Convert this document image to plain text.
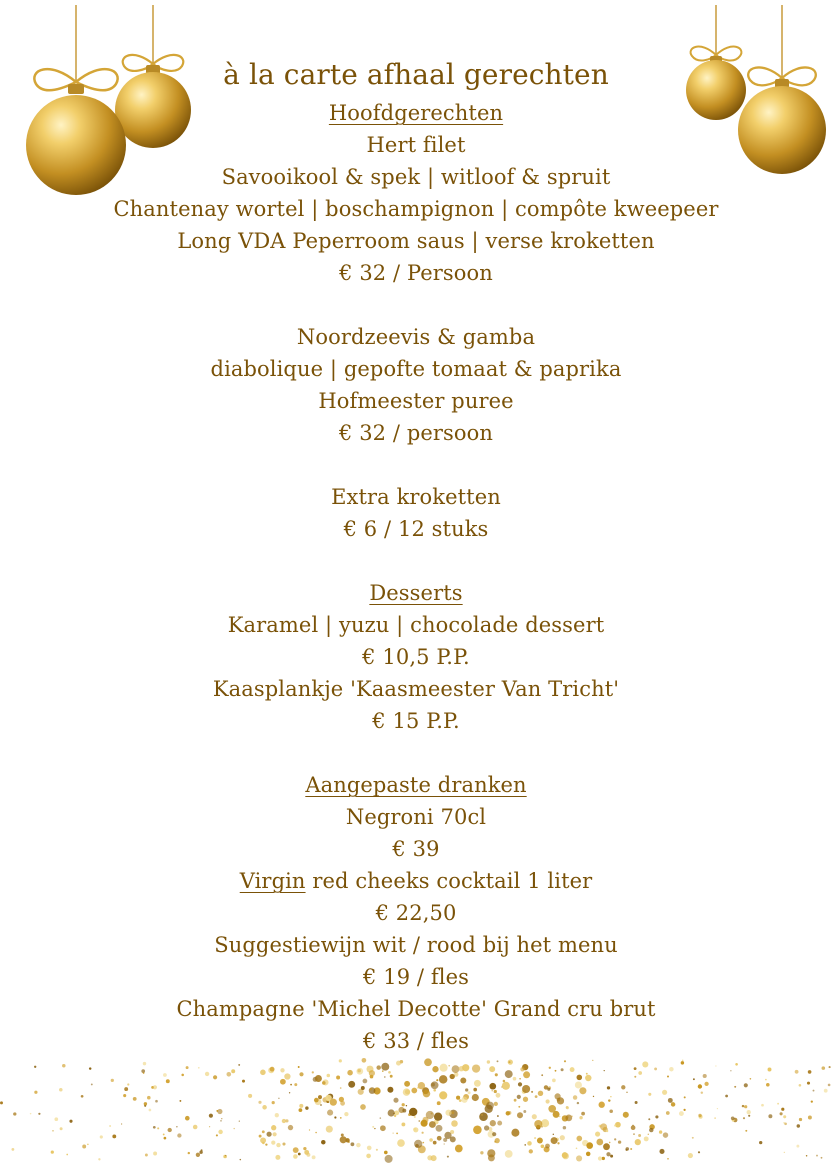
à la carte afhaal gerechten
Hoofdgerechten
Hert filet
Savooikool & spek | witloof & spruit
Chantenay wortel | boschampignon | compôte kweepeer
Long VDA Peperroom saus | verse kroketten
€ 32 / Persoon
Noordzeevis & gamba
diabolique | gepofte tomaat & paprika
Hofmeester puree
€ 32 / persoon
Extra kroketten
€ 6 / 12 stuks
Desserts
Karamel | yuzu | chocolade dessert
€ 10,5 P.P.
Kaasplankje 'Kaasmeester Van Tricht'
€ 15 P.P.
Aangepaste dranken
Negroni 70cl
€ 39
Virgin red cheeks cocktail 1 liter
€ 22,50
Suggestiewijn wit / rood bij het menu
€ 19 / fles
Champagne 'Michel Decotte' Grand cru brut
€ 33 / fles
